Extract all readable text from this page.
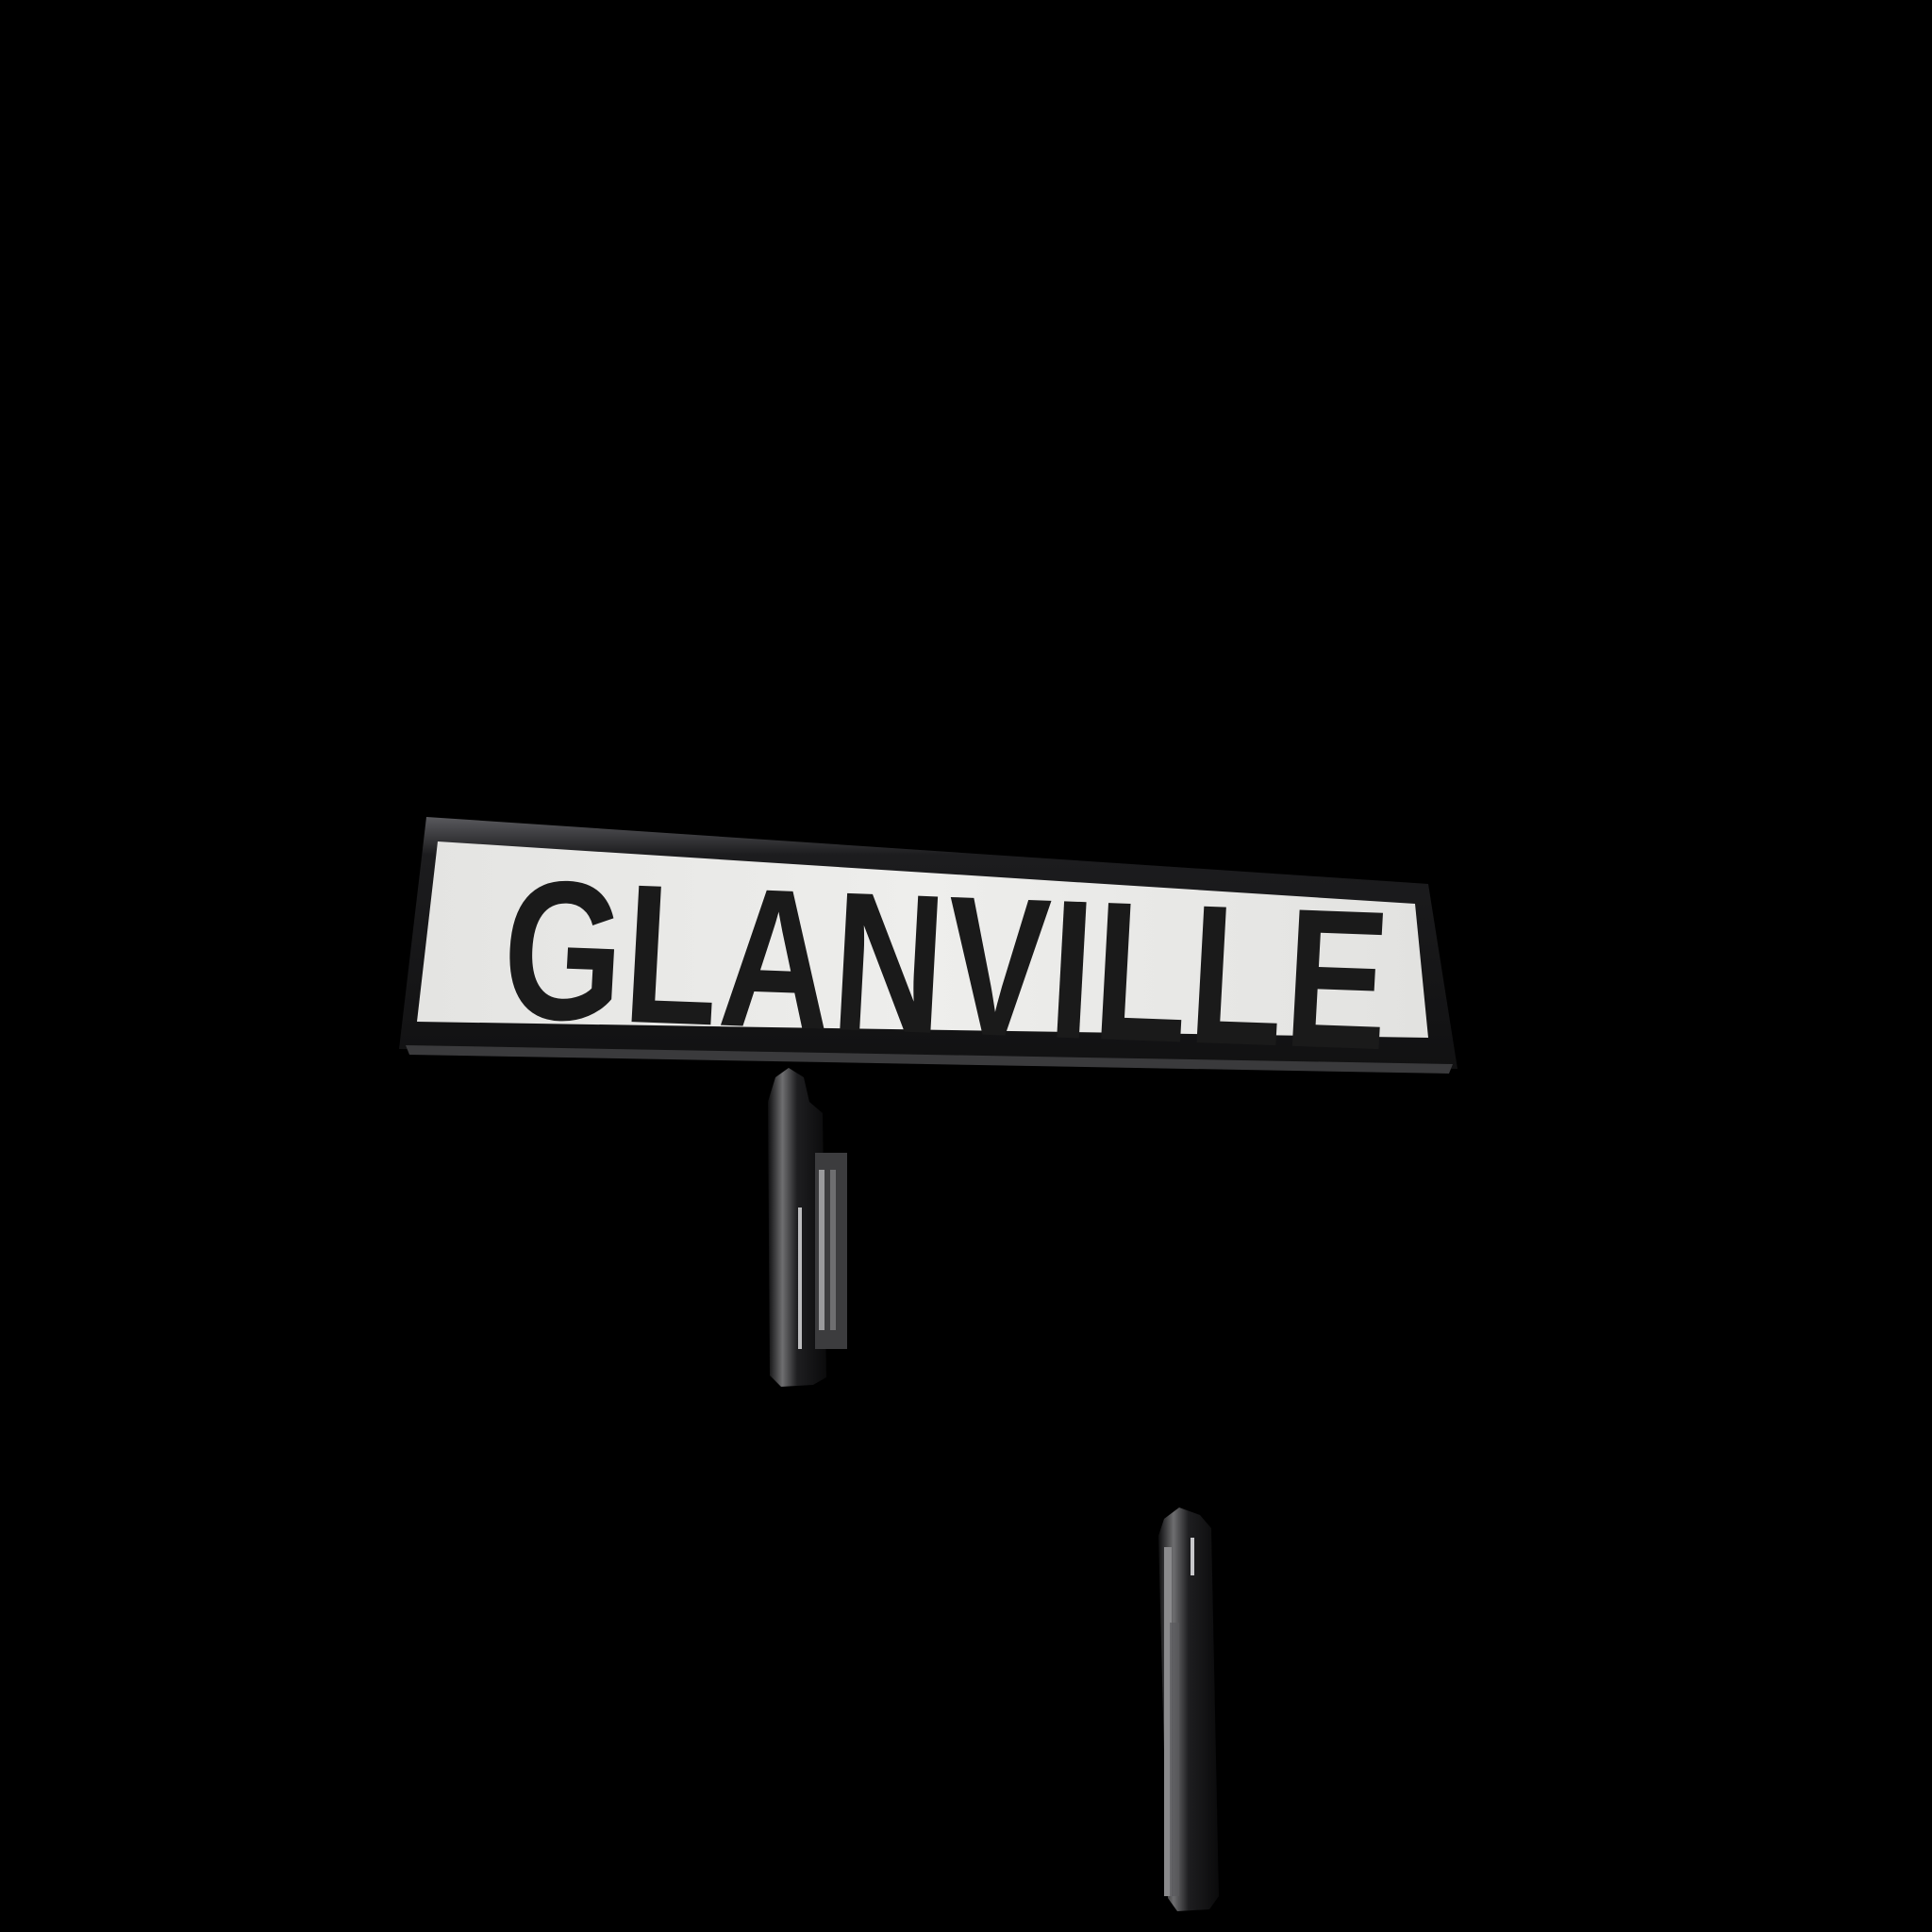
GLANVILLE
